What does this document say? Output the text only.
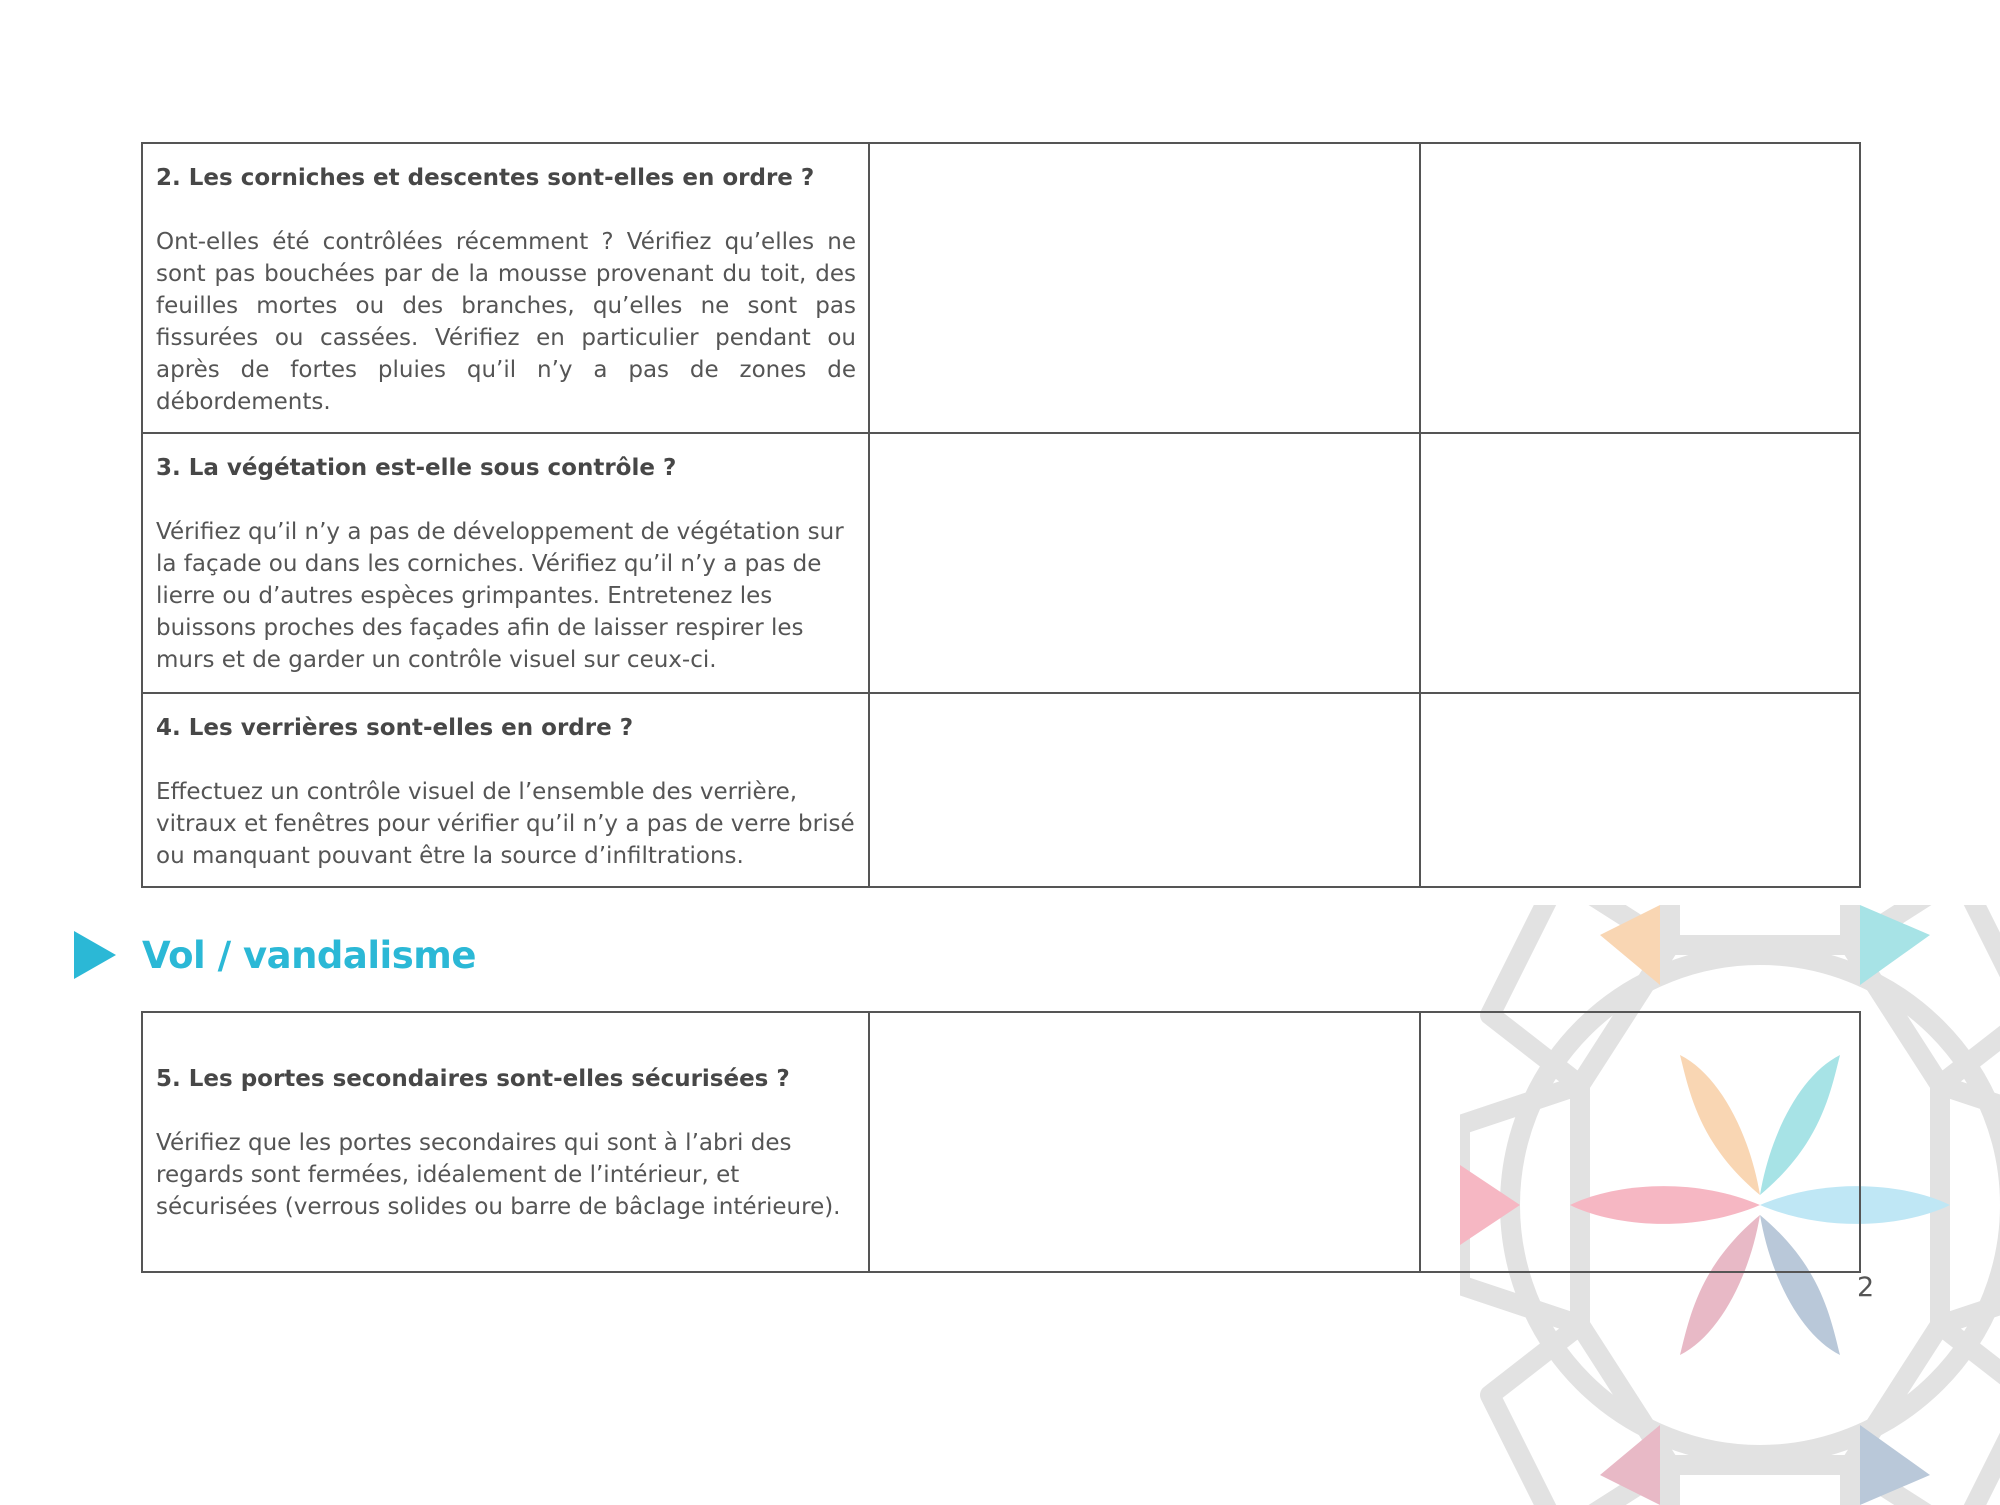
2. Les corniches et descentes sont-elles en ordre ?

Ont-elles été contrôlées récemment ? Vérifiez qu’elles ne sont pas bouchées par de la mousse provenant du toit, des feuilles mortes ou des branches, qu’elles ne sont pas fissurées ou cassées. Vérifiez en particulier pendant ou après de fortes pluies qu’il n’y a pas de zones de débordements.		

3. La végétation est-elle sous contrôle ?

Vérifiez qu’il n’y a pas de développement de végétation sur la façade ou dans les corniches. Vérifiez qu’il n’y a pas de lierre ou d’autres espèces grimpantes. Entretenez les buissons proches des façades afin de laisser respirer les murs et de garder un contrôle visuel sur ceux-ci.		

4. Les verrières sont-elles en ordre ?

Effectuez un contrôle visuel de l’ensemble des verrière, vitraux et fenêtres pour vérifier qu’il n’y a pas de verre brisé ou manquant pouvant être la source d’infiltrations.		

Vol / vandalisme

5. Les portes secondaires sont-elles sécurisées ?

Vérifiez que les portes secondaires qui sont à l’abri des regards sont fermées, idéalement de l’intérieur, et sécurisées (verrous solides ou barre de bâclage intérieure).

2
